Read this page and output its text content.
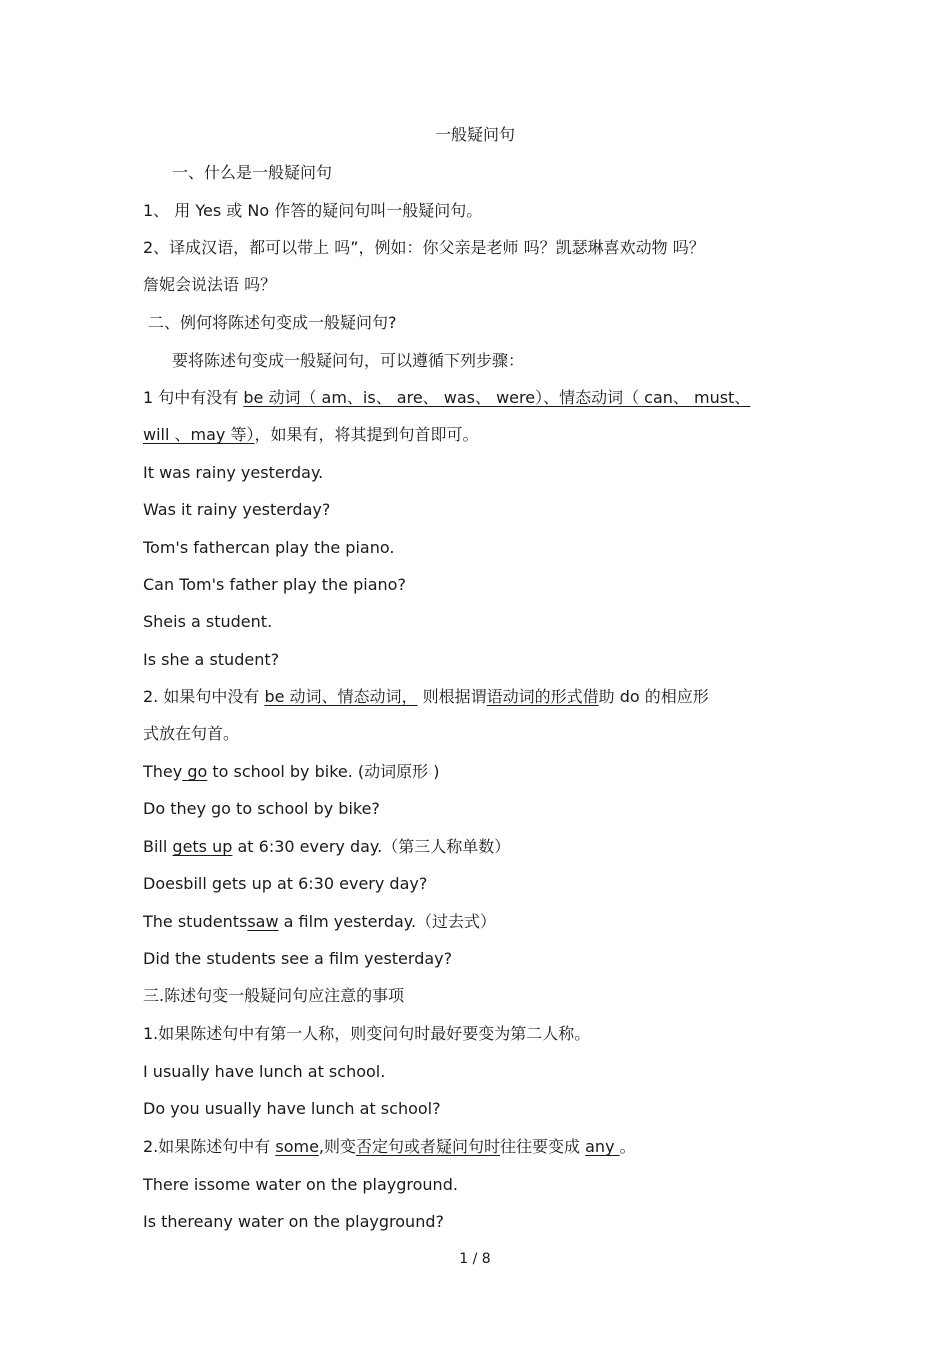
一般疑问句
一、什么是一般疑问句
1、 用 Yes 或 No 作答的疑问句叫一般疑问句。
2、译成汉语，都可以带上 吗”，例如：你父亲是老师 吗？凯瑟琳喜欢动物 吗？
詹妮会说法语 吗？
二、例何将陈述句变成一般疑问句?
要将陈述句变成一般疑问句，可以遵循下列步骤：
1 句中有没有 be 动词（ am、is、 are、 was、 were）、情态动词（ can、 must、
will 、may 等），如果有，将其提到句首即可。
It was rainy yesterday.
Was it rainy yesterday?
Tom's fathercan play the piano.
Can Tom's father play the piano?
Sheis a student.
Is she a student?
2. 如果句中没有 be 动词、情态动词， 则根据谓语动词的形式借助 do 的相应形
式放在句首。
They go to school by bike. (动词原形 )
Do they go to school by bike?
Bill gets up at 6:30 every day.（第三人称单数）
Doesbill gets up at 6:30 every day?
The studentssaw a film yesterday.（过去式）
Did the students see a film yesterday?
三.陈述句变一般疑问句应注意的事项
1.如果陈述句中有第一人称，则变问句时最好要变为第二人称。
I usually have lunch at school.
Do you usually have lunch at school?
2.如果陈述句中有 some,则变否定句或者疑问句时往往要变成 any 。
There issome water on the playground.
Is thereany water on the playground?
1 / 8
